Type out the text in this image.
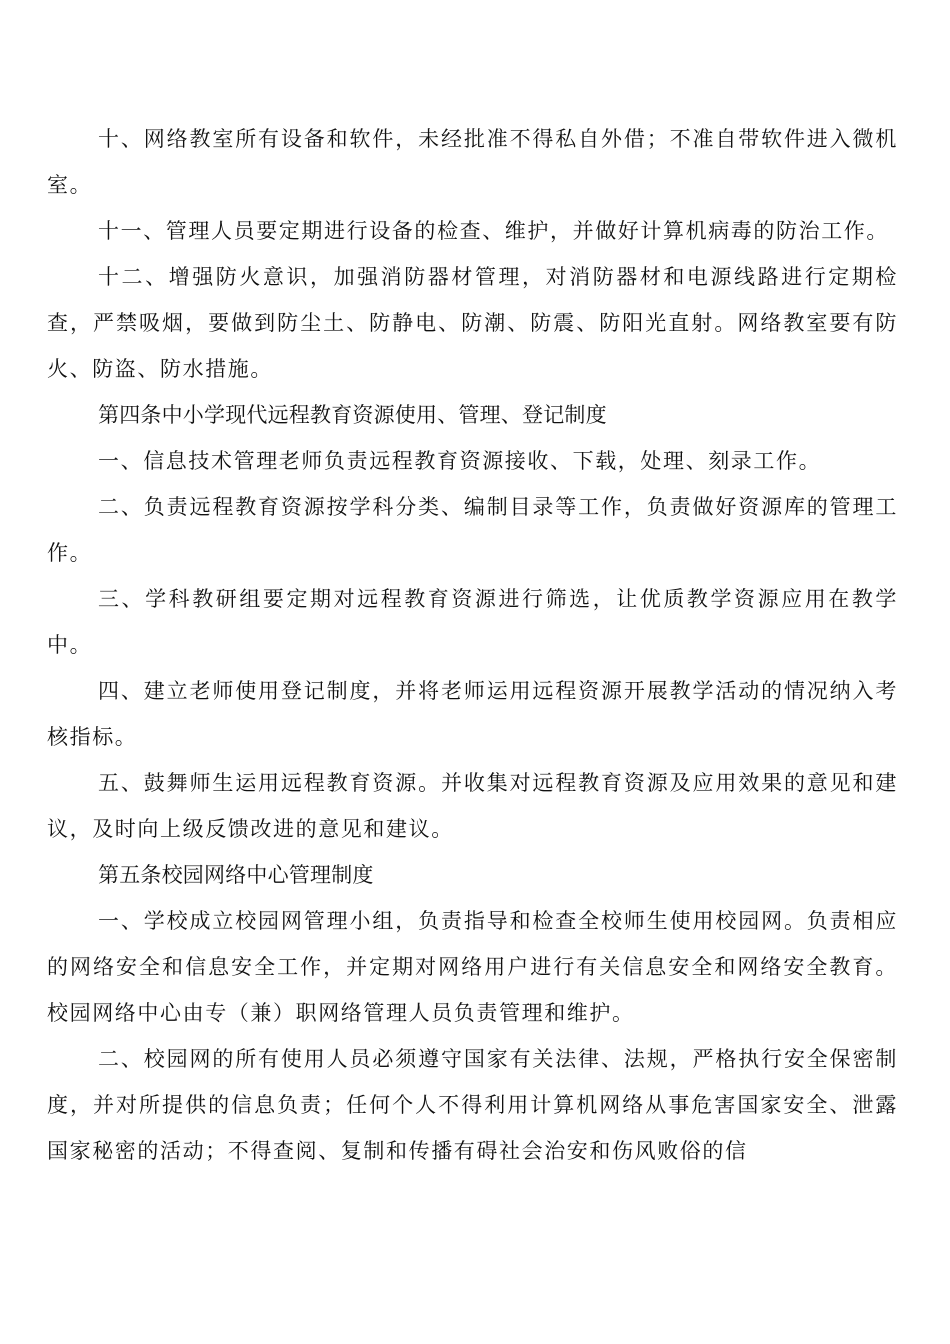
十、网络教室所有设备和软件，未经批准不得私自外借；不准自带软件进入微机室。

十一、管理人员要定期进行设备的检查、维护，并做好计算机病毒的防治工作。

十二、增强防火意识，加强消防器材管理，对消防器材和电源线路进行定期检查，严禁吸烟，要做到防尘土、防静电、防潮、防震、防阳光直射。网络教室要有防火、防盗、防水措施。

第四条中小学现代远程教育资源使用、管理、登记制度

一、信息技术管理老师负责远程教育资源接收、下载，处理、刻录工作。

二、负责远程教育资源按学科分类、编制目录等工作，负责做好资源库的管理工作。

三、学科教研组要定期对远程教育资源进行筛选，让优质教学资源应用在教学中。

四、建立老师使用登记制度，并将老师运用远程资源开展教学活动的情况纳入考核指标。

五、鼓舞师生运用远程教育资源。并收集对远程教育资源及应用效果的意见和建议，及时向上级反馈改进的意见和建议。

第五条校园网络中心管理制度

一、学校成立校园网管理小组，负责指导和检查全校师生使用校园网。负责相应的网络安全和信息安全工作，并定期对网络用户进行有关信息安全和网络安全教育。校园网络中心由专（兼）职网络管理人员负责管理和维护。

二、校园网的所有使用人员必须遵守国家有关法律、法规，严格执行安全保密制度，并对所提供的信息负责；任何个人不得利用计算机网络从事危害国家安全、泄露国家秘密的活动；不得查阅、复制和传播有碍社会治安和伤风败俗的信
